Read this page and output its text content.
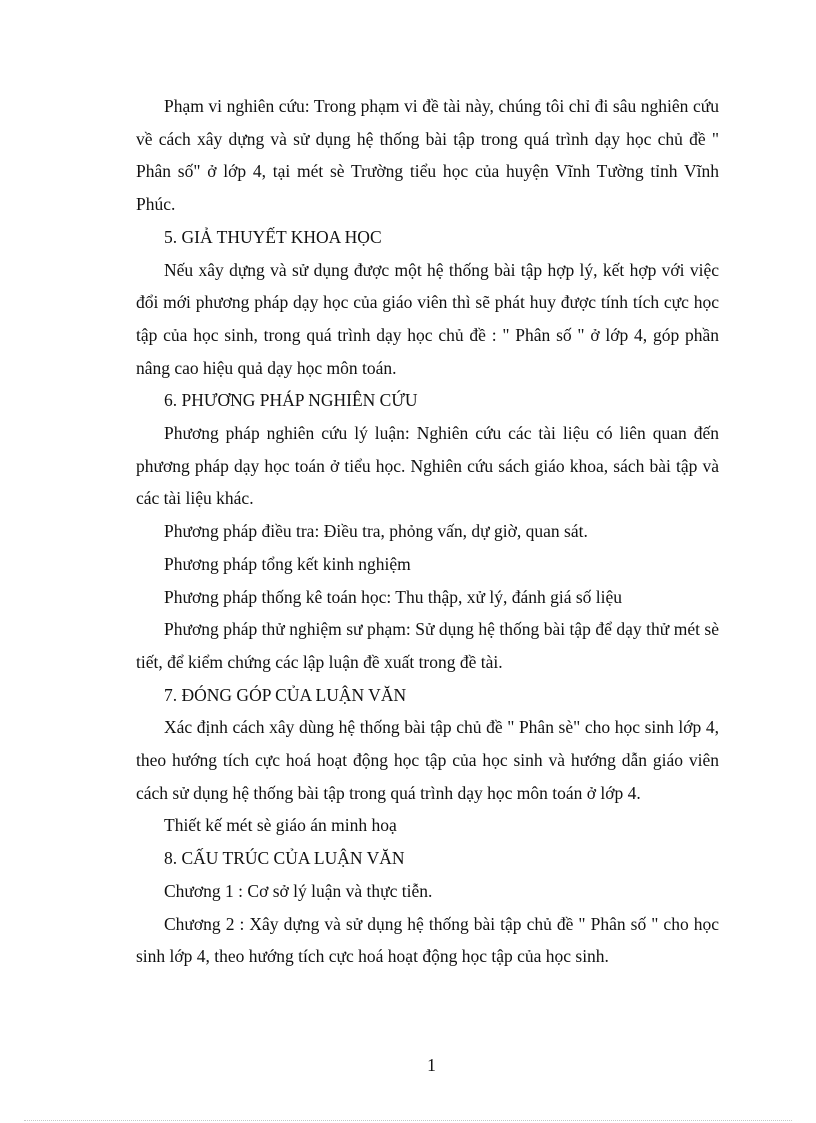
Phạm vi nghiên cứu: Trong phạm vi đề tài này, chúng tôi chỉ đi sâu nghiên cứu về cách xây dựng và sử dụng hệ thống bài tập trong quá trình dạy học chủ đề " Phân số" ở lớp 4, tại mét sè Trường tiểu học của huyện Vĩnh Tường tỉnh Vĩnh Phúc.

5. GIẢ THUYẾT KHOA HỌC

Nếu xây dựng và sử dụng được một hệ thống bài tập hợp lý, kết hợp với việc đổi mới phương pháp dạy học của giáo viên thì sẽ phát huy được tính tích cực học tập của học sinh, trong quá trình dạy học chủ đề : " Phân số " ở lớp 4, góp phần nâng cao hiệu quả dạy học môn toán.

6. PHƯƠNG PHÁP NGHIÊN CỨU

Phương pháp nghiên cứu lý luận: Nghiên cứu các tài liệu có liên quan đến phương pháp dạy học toán ở tiểu học. Nghiên cứu sách giáo khoa, sách bài tập và các tài liệu khác.

Phương pháp điều tra: Điều tra, phỏng vấn, dự giờ, quan sát.

Phương pháp tổng kết kinh nghiệm

Phương pháp thống kê toán học: Thu thập, xử lý, đánh giá số liệu

Phương pháp thử nghiệm sư phạm: Sử dụng hệ thống bài tập để dạy thử mét sè tiết, để kiểm chứng các lập luận đề xuất trong đề tài.

7. ĐÓNG GÓP CỦA LUẬN VĂN

Xác định cách xây dùng hệ thống bài tập chủ đề " Phân sè" cho học sinh lớp 4, theo hướng tích cực hoá hoạt động học tập của học sinh và hướng dẫn giáo viên cách sử dụng hệ thống bài tập trong quá trình dạy học môn toán ở lớp 4.

Thiết kế mét sè giáo án minh hoạ

8. CẤU TRÚC CỦA LUẬN VĂN

Chương 1 : Cơ sở lý luận và thực tiễn.

Chương 2 : Xây dựng và sử dụng hệ thống bài tập chủ đề " Phân số " cho học sinh lớp 4, theo hướng tích cực hoá hoạt động học tập của học sinh.

1
